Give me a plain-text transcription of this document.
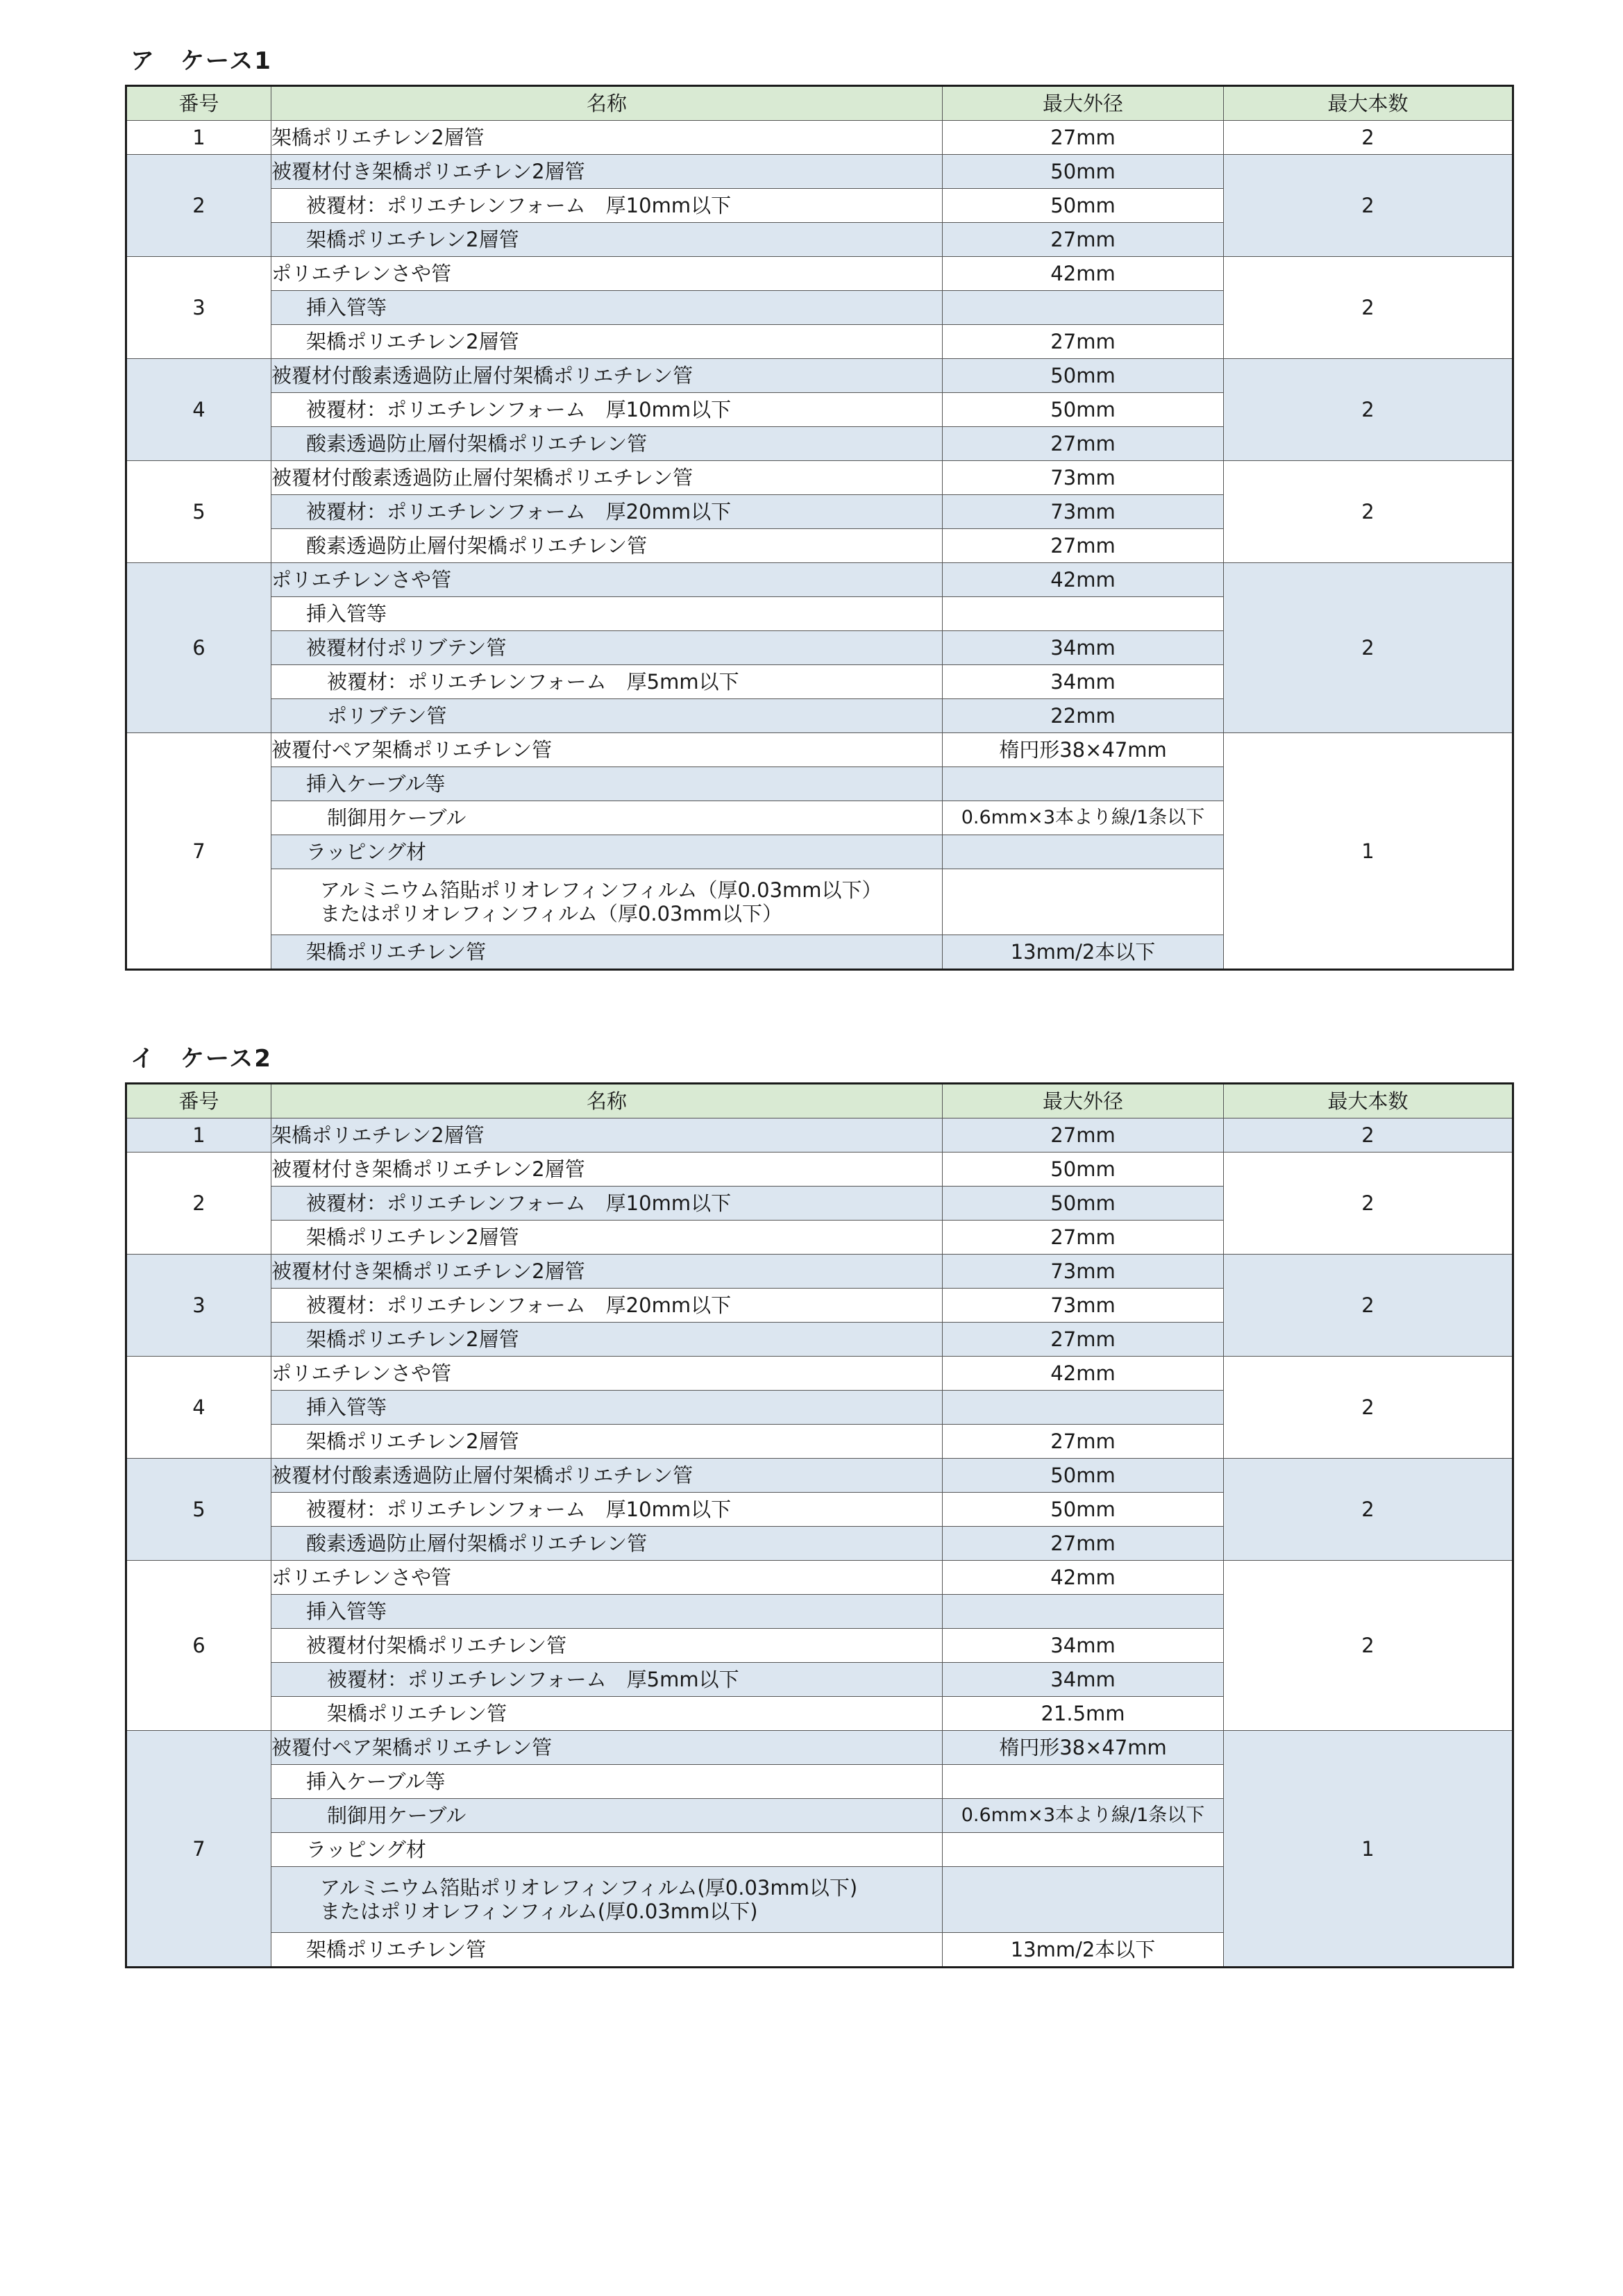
ア　ケース1
番号	名称	最大外径	最大本数
1	架橋ポリエチレン2層管	27mm	2
2	被覆材付き架橋ポリエチレン2層管	50mm	2
	被覆材：ポリエチレンフォーム　厚10mm以下	50mm	
	架橋ポリエチレン2層管	27mm	
3	ポリエチレンさや管	42mm	2
	挿入管等		
	架橋ポリエチレン2層管	27mm	
4	被覆材付酸素透過防止層付架橋ポリエチレン管	50mm	2
	被覆材：ポリエチレンフォーム　厚10mm以下	50mm	
	酸素透過防止層付架橋ポリエチレン管	27mm	
5	被覆材付酸素透過防止層付架橋ポリエチレン管	73mm	2
	被覆材：ポリエチレンフォーム　厚20mm以下	73mm	
	酸素透過防止層付架橋ポリエチレン管	27mm	
6	ポリエチレンさや管	42mm	2
	挿入管等		
	被覆材付ポリブテン管	34mm	
	被覆材：ポリエチレンフォーム　厚5mm以下	34mm	
	ポリブテン管	22mm	
7	被覆付ペア架橋ポリエチレン管	楕円形38×47mm	1
	挿入ケーブル等		
	制御用ケーブル	0.6mm×3本より線/1条以下	
	ラッピング材		
	アルミニウム箔貼ポリオレフィンフィルム（厚0.03mm以下）
またはポリオレフィンフィルム（厚0.03mm以下）		
	架橋ポリエチレン管	13mm/2本以下	
イ　ケース2
番号	名称	最大外径	最大本数
1	架橋ポリエチレン2層管	27mm	2
2	被覆材付き架橋ポリエチレン2層管	50mm	2
	被覆材：ポリエチレンフォーム　厚10mm以下	50mm	
	架橋ポリエチレン2層管	27mm	
3	被覆材付き架橋ポリエチレン2層管	73mm	2
	被覆材：ポリエチレンフォーム　厚20mm以下	73mm	
	架橋ポリエチレン2層管	27mm	
4	ポリエチレンさや管	42mm	2
	挿入管等		
	架橋ポリエチレン2層管	27mm	
5	被覆材付酸素透過防止層付架橋ポリエチレン管	50mm	2
	被覆材：ポリエチレンフォーム　厚10mm以下	50mm	
	酸素透過防止層付架橋ポリエチレン管	27mm	
6	ポリエチレンさや管	42mm	2
	挿入管等		
	被覆材付架橋ポリエチレン管	34mm	
	被覆材：ポリエチレンフォーム　厚5mm以下	34mm	
	架橋ポリエチレン管	21.5mm	
7	被覆付ペア架橋ポリエチレン管	楕円形38×47mm	1
	挿入ケーブル等		
	制御用ケーブル	0.6mm×3本より線/1条以下	
	ラッピング材		
	アルミニウム箔貼ポリオレフィンフィルム(厚0.03mm以下)
またはポリオレフィンフィルム(厚0.03mm以下)		
	架橋ポリエチレン管	13mm/2本以下	
